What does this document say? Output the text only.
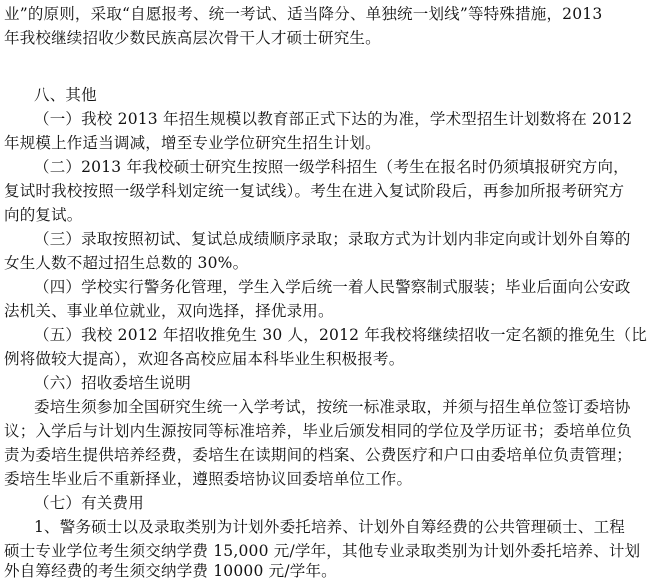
业”的原则，采取“自愿报考、统一考试、适当降分、单独统一划线”等特殊措施，2013
年我校继续招收少数民族高层次骨干人才硕士研究生。
八、其他
（一）我校 2013 年招生规模以教育部正式下达的为准，学术型招生计划数将在 2012
年规模上作适当调减，增至专业学位研究生招生计划。
（二）2013 年我校硕士研究生按照一级学科招生（考生在报名时仍须填报研究方向，
复试时我校按照一级学科划定统一复试线）。考生在进入复试阶段后，再参加所报考研究方
向的复试。
（三）录取按照初试、复试总成绩顺序录取；录取方式为计划内非定向或计划外自筹的
女生人数不超过招生总数的 30%。
（四）学校实行警务化管理，学生入学后统一着人民警察制式服装；毕业后面向公安政
法机关、事业单位就业，双向选择，择优录用。
（五）我校 2012 年招收推免生 30 人，2012 年我校将继续招收一定名额的推免生（比
例将做较大提高），欢迎各高校应届本科毕业生积极报考。
（六）招收委培生说明
委培生须参加全国研究生统一入学考试，按统一标准录取，并须与招生单位签订委培协
议；入学后与计划内生源按同等标准培养，毕业后颁发相同的学位及学历证书；委培单位负
责为委培生提供培养经费，委培生在读期间的档案、公费医疗和户口由委培单位负责管理；
委培生毕业后不重新择业，遵照委培协议回委培单位工作。
（七）有关费用
1、警务硕士以及录取类别为计划外委托培养、计划外自筹经费的公共管理硕士、工程
硕士专业学位考生须交纳学费 15,000 元/学年，其他专业录取类别为计划外委托培养、计划
外自筹经费的考生须交纳学费 10000 元/学年。
